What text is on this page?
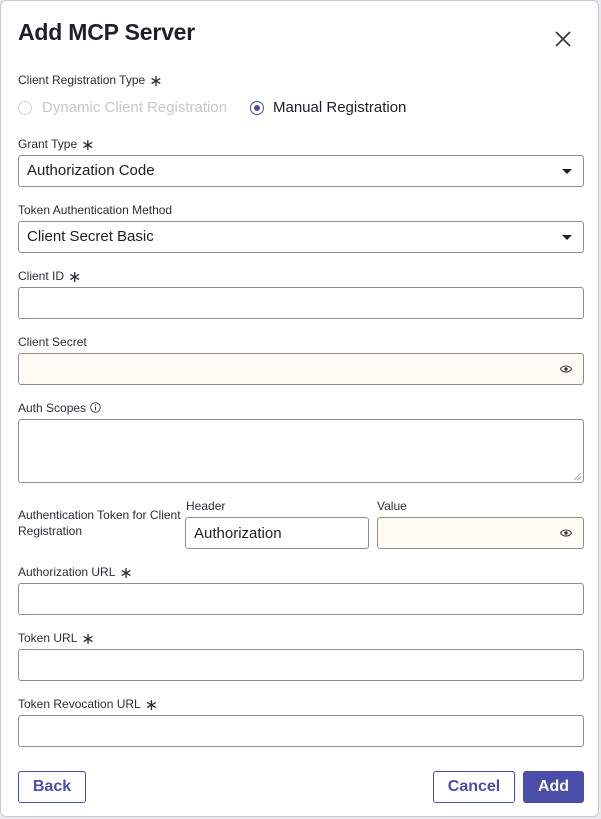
Add MCP Server
Client Registration Type ∗
Dynamic Client Registration	Manual Registration
Grant Type ∗
Authorization Code
Token Authentication Method
Client Secret Basic
Client ID ∗
Client Secret
Auth Scopes
Authentication Token for Client Registration
Header
Authorization
Value
Authorization URL ∗
Token URL ∗
Token Revocation URL ∗
Back	Cancel	Add
